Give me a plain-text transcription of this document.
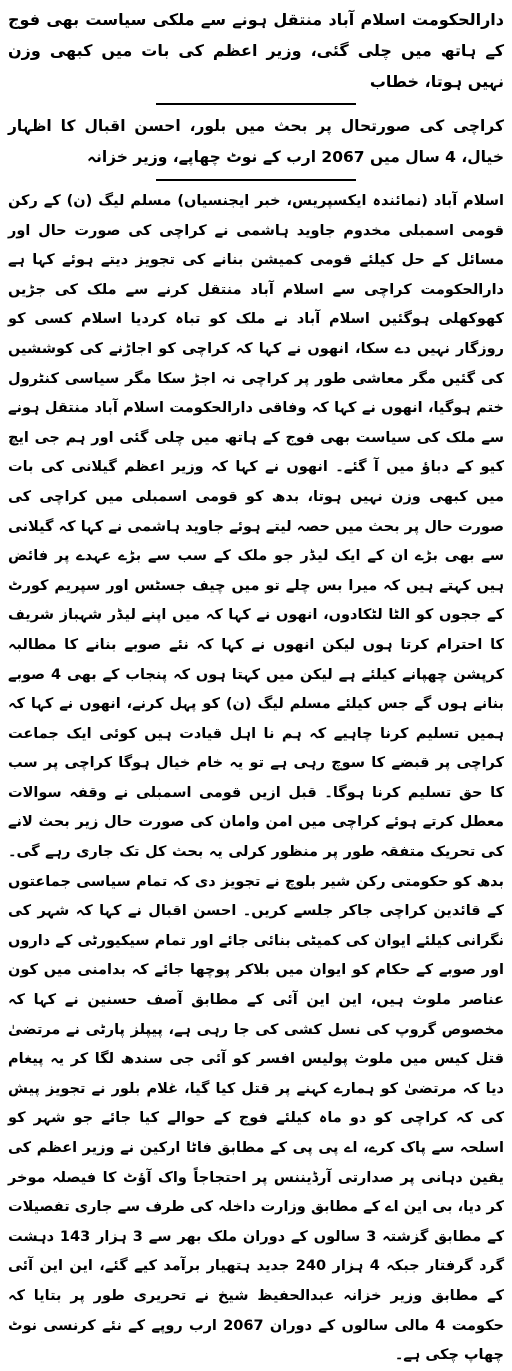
دارالحکومت اسلام آباد منتقل ہونے سے ملکی سیاست بھی فوج کے ہاتھ میں چلی گئی، وزیر اعظم کی بات میں کبھی وزن نہیں ہوتا، خطاب
کراچی کی صورتحال پر بحث میں بلور، احسن اقبال کا اظہار خیال، 4 سال میں 2067 ارب کے نوٹ چھاپے، وزیر خزانہ
اسلام آباد (نمائندہ ایکسپریس، خبر ایجنسیاں) مسلم لیگ (ن) کے رکن قومی اسمبلی مخدوم جاوید ہاشمی نے کراچی کی صورت حال اور مسائل کے حل کیلئے قومی کمیشن بنانے کی تجویز دیتے ہوئے کہا ہے دارالحکومت کراچی سے اسلام آباد منتقل کرنے سے ملک کی جڑیں کھوکھلی ہوگئیں اسلام آباد نے ملک کو تباہ کردیا اسلام کسی کو روزگار نہیں دے سکا، انھوں نے کہا کہ کراچی کو اجاڑنے کی کوششیں کی گئیں مگر معاشی طور پر کراچی نہ اجڑ سکا مگر سیاسی کنٹرول ختم ہوگیا، انھوں نے کہا کہ وفاقی دارالحکومت اسلام آباد منتقل ہونے سے ملک کی سیاست بھی فوج کے ہاتھ میں چلی گئی اور ہم جی ایچ کیو کے دباؤ میں آ گئے۔ انھوں نے کہا کہ وزیر اعظم گیلانی کی بات میں کبھی وزن نہیں ہوتا، بدھ کو قومی اسمبلی میں کراچی کی صورت حال پر بحث میں حصہ لیتے ہوئے جاوید ہاشمی نے کہا کہ گیلانی سے بھی بڑے ان کے ایک لیڈر جو ملک کے سب سے بڑے عہدے پر فائض ہیں کہتے ہیں کہ میرا بس چلے تو میں چیف جسٹس اور سپریم کورٹ کے ججوں کو الٹا لٹکادوں، انھوں نے کہا کہ میں اپنے لیڈر شہباز شریف کا احترام کرتا ہوں لیکن انھوں نے کہا کہ نئے صوبے بنانے کا مطالبہ کرپشن چھپانے کیلئے ہے لیکن میں کہتا ہوں کہ پنجاب کے بھی 4 صوبے بنانے ہوں گے جس کیلئے مسلم لیگ (ن) کو پہل کرنے، انھوں نے کہا کہ ہمیں تسلیم کرنا چاہیے کہ ہم نا اہل قیادت ہیں کوئی ایک جماعت کراچی پر قبضے کا سوچ رہی ہے تو یہ خام خیال ہوگا کراچی پر سب کا حق تسلیم کرنا ہوگا۔ قبل ازیں قومی اسمبلی نے وقفہ سوالات معطل کرتے ہوئے کراچی میں امن وامان کی صورت حال زیر بحث لانے کی تحریک متفقہ طور پر منظور کرلی یہ بحث کل تک جاری رہے گی۔ بدھ کو حکومتی رکن شیر بلوچ نے تجویز دی کہ تمام سیاسی جماعتوں کے قائدین کراچی جاکر جلسے کریں۔ احسن اقبال نے کہا کہ شہر کی نگرانی کیلئے ایوان کی کمیٹی بنائی جائے اور تمام سیکیورٹی کے داروں اور صوبے کے حکام کو ایوان میں بلاکر پوچھا جائے کہ بدامنی میں کون عناصر ملوث ہیں، این این آئی کے مطابق آصف حسنین نے کہا کہ مخصوص گروپ کی نسل کشی کی جا رہی ہے، پیپلز پارٹی نے مرتضیٰ قتل کیس میں ملوث پولیس افسر کو آئی جی سندھ لگا کر یہ پیغام دیا کہ مرتضیٰ کو ہمارے کہنے پر قتل کیا گیا، غلام بلور نے تجویز پیش کی کہ کراچی کو دو ماہ کیلئے فوج کے حوالے کیا جائے جو شہر کو اسلحہ سے پاک کرے، اے پی پی کے مطابق فاٹا ارکین نے وزیر اعظم کی یقین دہانی پر صدارتی آرڈیننس پر احتجاجاً واک آؤٹ کا فیصلہ موخر کر دیا، بی این اے کے مطابق وزارت داخلہ کی طرف سے جاری تفصیلات کے مطابق گزشتہ 3 سالوں کے دوران ملک بھر سے 3 ہزار 143 دہشت گرد گرفتار جبکہ 4 ہزار 240 جدید ہتھیار برآمد کیے گئے، این این آئی کے مطابق وزیر خزانہ عبدالحفیظ شیخ نے تحریری طور پر بتایا کہ حکومت 4 مالی سالوں کے دوران 2067 ارب روپے کے نئے کرنسی نوٹ چھاپ چکی ہے۔
